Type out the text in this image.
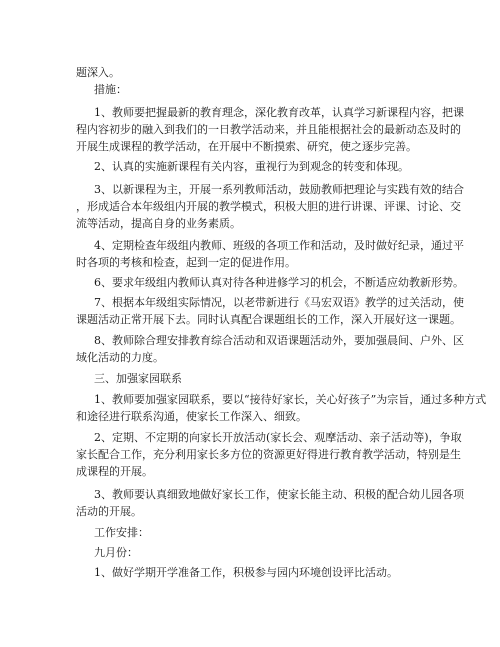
题深入。
措施：
1、教师要把握最新的教育理念，深化教育改革，认真学习新课程内容，把课
程内容初步的融入到我们的一日教学活动来，并且能根据社会的最新动态及时的
开展生成课程的教学活动，在开展中不断摸索、研究，使之逐步完善。
2、认真的实施新课程有关内容，重视行为到观念的转变和体现。
3、以新课程为主，开展一系列教师活动，鼓励教师把理论与实践有效的结合
，形成适合本年级组内开展的教学模式，积极大胆的进行讲课、评课、讨论、交
流等活动，提高自身的业务素质。
4、定期检查年级组内教师、班级的各项工作和活动，及时做好纪录，通过平
时各项的考核和检查，起到一定的促进作用。
6、要求年级组内教师认真对待各种进修学习的机会，不断适应幼教新形势。
7、根据本年级组实际情况，以老带新进行《马宏双语》教学的过关活动，使
课题活动正常开展下去。同时认真配合课题组长的工作，深入开展好这一课题。
8、教师除合理安排教育综合活动和双语课题活动外，要加强晨间、户外、区
域化活动的力度。
三、加强家园联系
1、教师要加强家园联系，要以“接待好家长，关心好孩子”为宗旨，通过多种方式
和途径进行联系沟通，使家长工作深入、细致。
2、定期、不定期的向家长开放活动(家长会、观摩活动、亲子活动等)，争取
家长配合工作，充分利用家长多方位的资源更好得进行教育教学活动，特别是生
成课程的开展。
3、教师要认真细致地做好家长工作，使家长能主动、积极的配合幼儿园各项
活动的开展。
工作安排：
九月份：
1、做好学期开学准备工作，积极参与园内环境创设评比活动。
